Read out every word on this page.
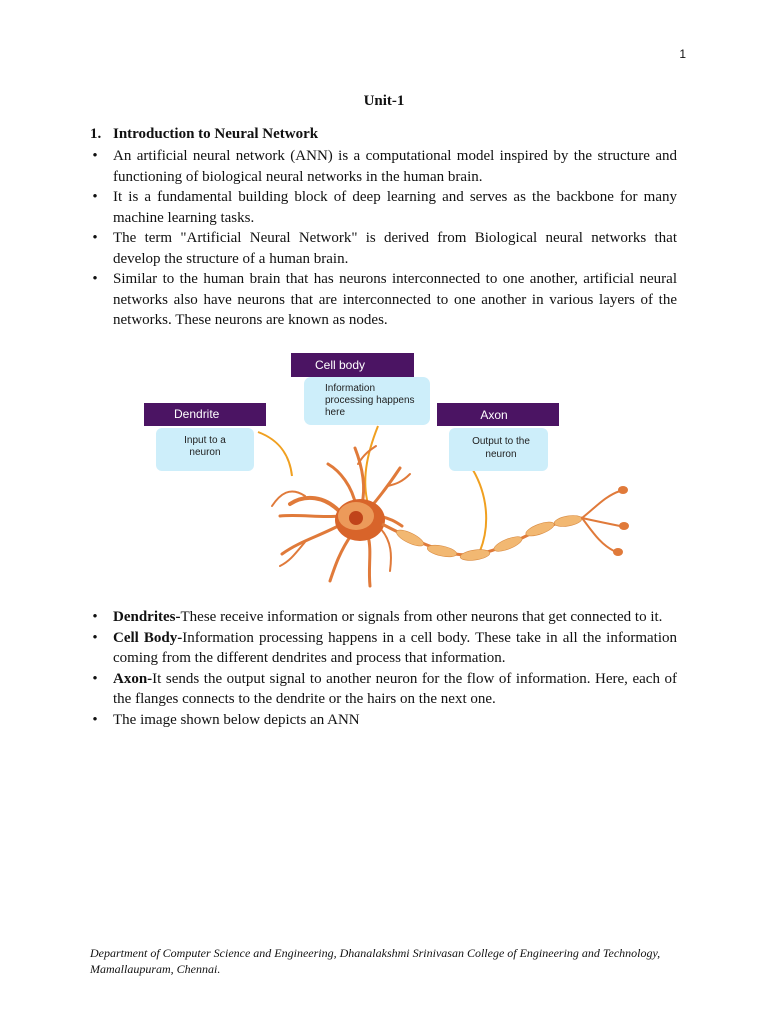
1
Unit-1
1. Introduction to Neural Network
• An artificial neural network (ANN) is a computational model inspired by the structure and functioning of biological neural networks in the human brain.
• It is a fundamental building block of deep learning and serves as the backbone for many machine learning tasks.
• The term "Artificial Neural Network" is derived from Biological neural networks that develop the structure of a human brain.
• Similar to the human brain that has neurons interconnected to one another, artificial neural networks also have neurons that are interconnected to one another in various layers of the networks. These neurons are known as nodes.
Cell body
Information
processing happens
here
Dendrite
Input to a
neuron
Axon
Output to the
neuron
• Dendrites-These receive information or signals from other neurons that get connected to it.
• Cell Body-Information processing happens in a cell body. These take in all the information coming from the different dendrites and process that information.
• Axon-It sends the output signal to another neuron for the flow of information. Here, each of the flanges connects to the dendrite or the hairs on the next one.
• The image shown below depicts an ANN
Department of Computer Science and Engineering, Dhanalakshmi Srinivasan College of Engineering and Technology, Mamallaupuram, Chennai.
